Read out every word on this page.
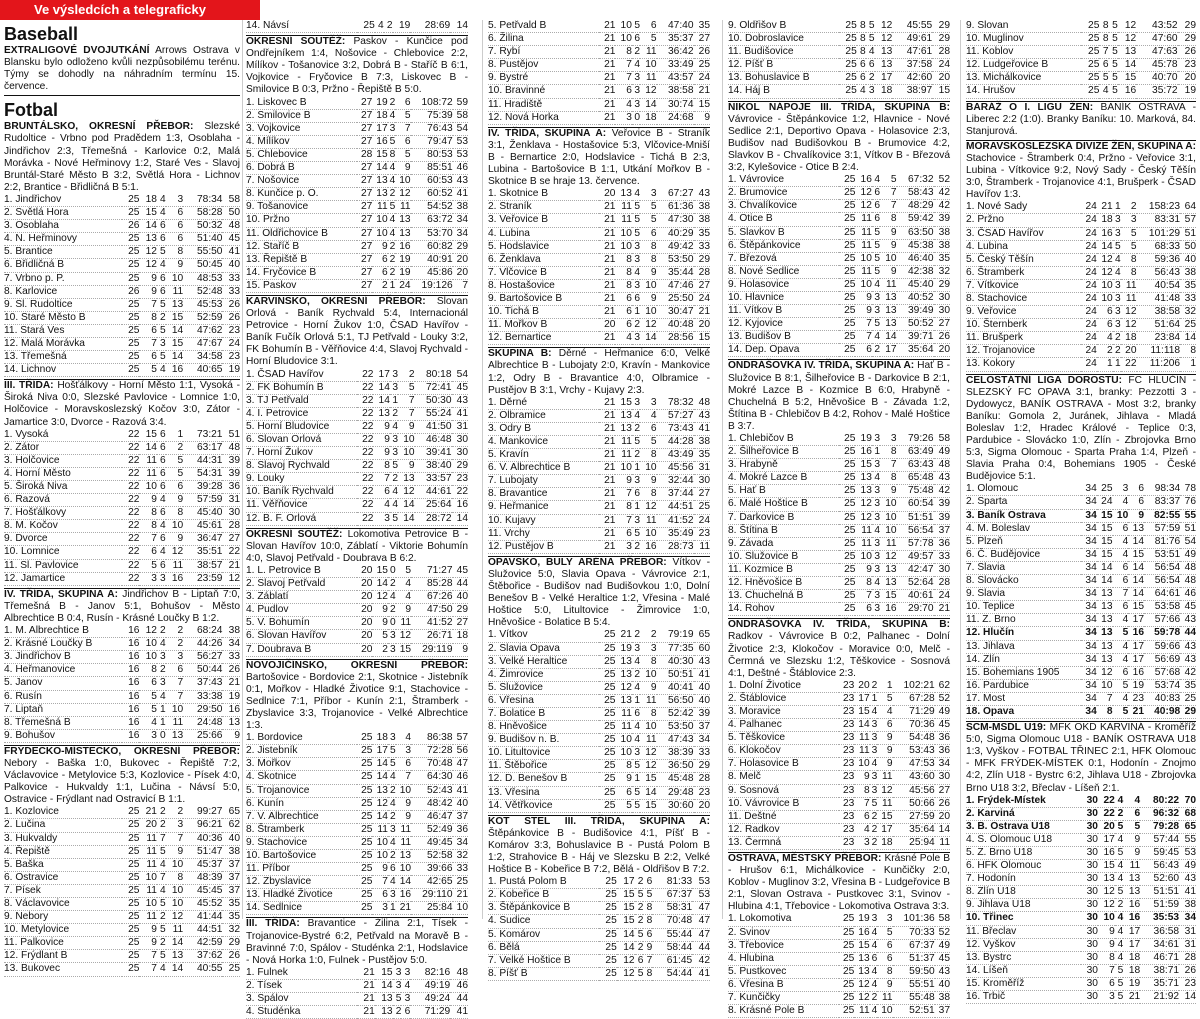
Ve výsledcích a telegraficky
Baseball

EXTRALIGOVÉ DVOJUTKÁNÍ Arrows Ostrava v Blansku bylo odloženo kvůli nezpůsobilému terénu. Týmy se dohodly na náhradním termínu 15. července.

Fotbal

BRUNTÁLSKO, OKRESNÍ PŘEBOR: Slezské Rudoltice - Vrbno pod Pradědem 1:3, Osoblaha - Jindřichov 2:3, Třemešná - Karlovice 0:2, Malá Morávka - Nové Heřminovy 1:2, Staré Ves - Slavoj Bruntál-Staré Město B 3:2, Světlá Hora - Lichnov 2:2, Brantice - Břidličná B 5:1.

1. Jindřichov	25	18	4	3	78:34	58
2. Světlá Hora	25	15	4	6	58:28	50
3. Osoblaha	26	14	6	6	50:32	48
4. N. Heřminovy	25	13	6	6	51:40	45
5. Brantice	25	12	5	8	55:50	41
6. Břidličná B	25	12	4	9	50:45	40
7. Vrbno p. P.	25	9	6	10	48:53	33
8. Karlovice	26	9	6	11	52:48	33
9. Sl. Rudoltice	25	7	5	13	45:53	26
10. Staré Město B	25	8	2	15	52:59	26
11. Stará Ves	25	6	5	14	47:62	23
12. Malá Morávka	25	7	3	15	47:67	24
13. Třemešná	25	6	5	14	34:58	23
14. Lichnov	25	5	4	16	40:65	19

III. TŘÍDA: Hošťálkovy - Horní Město 1:1, Vysoká - Široká Niva 0:0, Slezské Pavlovice - Lomnice 1:0, Holčovice - Moravskoslezský Kočov 3:0, Zátor - Jamartice 3:0, Dvorce - Razová 3:4.

1. Vysoká	22	15	6	1	73:21	51
2. Zátor	22	14	6	2	63:17	48
3. Holčovice	22	11	6	5	44:31	39
4. Horní Město	22	11	6	5	54:31	39
5. Široká Niva	22	10	6	6	39:28	36
6. Razová	22	9	4	9	57:59	31
7. Hošťálkovy	22	8	6	8	45:40	30
8. M. Kočov	22	8	4	10	45:61	28
9. Dvorce	22	7	6	9	36:47	27
10. Lomnice	22	6	4	12	35:51	22
11. Sl. Pavlovice	22	5	6	11	38:57	21
12. Jamartice	22	3	3	16	23:59	12

IV. TŘÍDA, SKUPINA A: Jindřichov B - Liptaň 7:0, Třemešná B - Janov 5:1, Bohušov - Město Albrechtice B 0:4, Rusín - Krásné Loučky B 1:2.

1. M. Albrechtice B	16	12	2	2	68:24	38
2. Krásné Loučky B	16	10	4	2	44:26	34
3. Jindřichov B	16	10	3	3	56:27	33
4. Heřmanovice	16	8	2	6	50:44	26
5. Janov	16	6	3	7	37:43	21
6. Rusín	16	5	4	7	33:38	19
7. Liptaň	16	5	1	10	29:50	16
8. Třemešná B	16	4	1	11	24:48	13
9. Bohušov	16	3	0	13	25:66	9

FRÝDECKO-MÍSTECKO, OKRESNÍ PŘEBOR: Nebory - Baška 1:0, Bukovec - Řepiště 7:2, Václavovice - Metylovice 5:3, Kozlovice - Písek 4:0, Palkovice - Hukvaldy 1:1, Lučina - Návsí 5:0, Ostravice - Frýdlant nad Ostravicí B 1:1.

1. Kozlovice	25	21	2	2	99:27	65
2. Lučina	25	20	2	3	96:21	62
3. Hukvaldy	25	11	7	7	40:36	40
4. Řepiště	25	11	5	9	51:47	38
5. Baška	25	11	4	10	45:37	37
6. Ostravice	25	10	7	8	48:39	37
7. Písek	25	11	4	10	45:45	37
8. Václavovice	25	10	5	10	45:52	35
9. Nebory	25	11	2	12	41:44	35
10. Metylovice	25	9	5	11	44:51	32
11. Palkovice	25	9	2	14	42:59	29
12. Frýdlant B	25	7	5	13	37:62	26
13. Bukovec	25	7	4	14	40:55	25
14. Návsí	25	4	2	19	28:69	14

OKRESNÍ SOUTĚŽ: Paskov - Kunčice pod Ondřejníkem 1:4, Nošovice - Chlebovice 2:2, Mílíkov - Tošanovice 3:2, Dobrá B - Staříč B 6:1, Vojkovice - Fryčovice B 7:3, Liskovec B - Smilovice B 0:3, Pržno - Řepiště B 5:0.

1. Liskovec B	27	19	2	6	108:72	59
2. Smilovice B	27	18	4	5	75:39	58
3. Vojkovice	27	17	3	7	76:43	54
4. Mílíkov	27	16	5	6	79:47	53
5. Chlebovice	28	15	8	5	80:53	53
6. Dobrá B	27	14	4	9	85:51	46
7. Nošovice	27	13	4	10	60:53	43
8. Kunčice p. O.	27	13	2	12	60:52	41
9. Tošanovice	27	11	5	11	54:52	38
10. Pržno	27	10	4	13	63:72	34
11. Oldřichovice B	27	10	4	13	53:70	34
12. Staříč B	27	9	2	16	60:82	29
13. Řepiště B	27	6	2	19	40:91	20
14. Fryčovice B	27	6	2	19	45:86	20
15. Paskov	27	2	1	24	19:126	7

KARVINSKO, OKRESNÍ PŘEBOR: Slovan Orlová - Baník Rychvald 5:4, Internacionál Petrovice - Horní Žukov 1:0, ČSAD Havířov - Baník Fučík Orlová 5:1, TJ Petřvald - Louky 3:2, FK Bohumín B - Věřňovice 4:4, Slavoj Rychvald - Horní Bludovice 3:1.

1. ČSAD Havířov	22	17	3	2	80:18	54
2. FK Bohumín B	22	14	3	5	72:41	45
3. TJ Petřvald	22	14	1	7	50:30	43
4. I. Petrovice	22	13	2	7	55:24	41
5. Horní Bludovice	22	9	4	9	41:50	31
6. Slovan Orlová	22	9	3	10	46:48	30
7. Horní Žukov	22	9	3	10	39:41	30
8. Slavoj Rychvald	22	8	5	9	38:40	29
9. Louky	22	7	2	13	33:57	23
10. Baník Rychvald	22	6	4	12	44:61	22
11. Věřňovice	22	4	4	14	25:64	16
12. B. F. Orlová	22	3	5	14	28:72	14

OKRESNÍ SOUTĚŽ: Lokomotiva Petrovice B - Slovan Havířov 10:0, Záblatí - Viktorie Bohumín 4:0, Slavoj Petřvald - Doubrava B 6:2.

1. L. Petrovice B	20	15	0	5	71:27	45
2. Slavoj Petřvald	20	14	2	4	85:28	44
3. Záblatí	20	12	4	4	67:26	40
4. Pudlov	20	9	2	9	47:50	29
5. V. Bohumín	20	9	0	11	41:52	27
6. Slovan Havířov	20	5	3	12	26:71	18
7. Doubrava B	20	2	3	15	29:119	9

NOVOJIČÍNSKO, OKRESNÍ PŘEBOR: Bartošovice - Bordovice 2:1, Skotnice - Jistebník 0:1, Mořkov - Hladké Životice 9:1, Stachovice - Sedlnice 7:1, Příbor - Kunín 2:1, Štramberk - Zbyslavice 3:3, Trojanovice - Velké Albrechtice 1:3.

1. Bordovice	25	18	3	4	86:38	57
2. Jistebník	25	17	5	3	72:28	56
3. Mořkov	25	14	5	6	70:48	47
4. Skotnice	25	14	4	7	64:30	46
5. Trojanovice	25	13	2	10	52:43	41
6. Kunín	25	12	4	9	48:42	40
7. V. Albrechtice	25	14	2	9	46:47	37
8. Štramberk	25	11	3	11	52:49	36
9. Stachovice	25	10	4	11	49:45	34
10. Bartošovice	25	10	2	13	52:58	32
11. Příbor	25	9	6	10	39:66	33
12. Zbyslavice	25	7	4	14	42:65	25
13. Hladké Životice	25	6	3	16	29:110	21
14. Sedlnice	25	3	1	21	25:84	10

III. TŘÍDA: Bravantice - Žilina 2:1, Tísek - Trojanovice-Bystré 6:2, Petřvald na Moravě B - Bravinné 7:0, Spálov - Studénka 2:1, Hodslavice - Nová Horka 1:0, Fulnek - Pustějov 5:0.

1. Fulnek	21	15	3	3	82:16	48
2. Tísek	21	14	3	4	49:19	46
3. Spálov	21	13	5	3	49:24	44
4. Studénka	21	13	2	6	71:29	41
5. Petřvald B	21	10	5	6	47:40	35
6. Žilina	21	10	6	5	35:37	27
7. Rybí	21	8	2	11	36:42	26
8. Pustějov	21	7	4	10	33:49	25
9. Bystré	21	7	3	11	43:57	24
10. Bravinné	21	6	3	12	38:58	21
11. Hradiště	21	4	3	14	30:74	15
12. Nová Horka	21	3	0	18	24:68	9

IV. TŘÍDA, SKUPINA A: Veřovice B - Straník 3:1, Ženklava - Hostašovice 5:3, Vlčovice-Mniší B - Bernartice 2:0, Hodslavice - Tichá B 2:3, Lubina - Bartošovice B 1:1, Utkání Mořkov B - Skotnice B se hraje 13. července.

1. Skotnice B	20	13	4	3	67:27	43
2. Straník	21	11	5	5	61:36	38
3. Veřovice B	21	11	5	5	47:30	38
4. Lubina	21	10	5	6	40:29	35
5. Hodslavice	21	10	3	8	49:42	33
6. Ženklava	21	8	3	8	53:50	29
7. Vlčovice B	21	8	4	9	35:44	28
8. Hostašovice	21	8	3	10	47:46	27
9. Bartošovice B	21	6	6	9	25:50	24
10. Tichá B	21	6	1	10	30:47	21
11. Mořkov B	20	6	2	12	40:48	20
12. Bernartice	21	4	3	14	28:56	15

SKUPINA B: Děrné - Heřmanice 6:0, Velké Albrechtice B - Lubojaty 2:0, Kravín - Mankovice 1:2, Odry B - Bravantice 4:0, Olbramice - Pustějov B 3:1, Vrchy - Kujavy 2:3.

1. Děrné	21	15	3	3	78:32	48
2. Olbramice	21	13	4	4	57:27	43
3. Odry B	21	13	2	6	73:43	41
4. Mankovice	21	11	5	5	44:28	38
5. Kravín	21	11	2	8	43:49	35
6. V. Albrechtice B	21	10	1	10	45:56	31
7. Lubojaty	21	9	3	9	32:44	30
8. Bravantice	21	7	6	8	37:44	27
9. Heřmanice	21	8	1	12	44:51	25
10. Kujavy	21	7	3	11	41:52	24
11. Vrchy	21	6	5	10	35:49	23
12. Pustějov B	21	3	2	16	28:73	11

OPAVSKO, BULY ARÉNA PŘEBOR: Vítkov - Služovice 5:0, Slavia Opava - Vávrovice 2:1, Štěbořice - Budišov nad Budišovkou 1:0, Dolní Benešov B - Velké Heraltice 1:2, Vřesina - Malé Hoštice 5:0, Litultovice - Žimrovice 1:0, Hněvošice - Bolatice B 5:4.

1. Vítkov	25	21	2	2	79:19	65
2. Slavia Opava	25	19	3	3	77:35	60
3. Velké Heraltice	25	13	4	8	40:30	43
4. Žimrovice	25	13	2	10	50:51	41
5. Služovice	25	12	4	9	40:41	40
6. Vřesina	25	13	1	11	56:50	40
7. Bolatice B	25	11	6	8	52:42	39
8. Hněvošice	25	11	4	10	53:50	37
9. Budišov n. B.	25	10	4	11	47:43	34
10. Litultovice	25	10	3	12	38:39	33
11. Štěbořice	25	8	5	12	36:50	29
12. D. Benešov B	25	9	1	15	45:48	28
13. Vřesina	25	6	5	14	29:48	23
14. Větřkovice	25	5	5	15	30:60	20

KOT STEL III. TŘÍDA, SKUPINA A: Štěpánkovice B - Budišovice 4:1, Píšť B - Komárov 3:3, Bohuslavice B - Pustá Polom B 1:2, Strahovice B - Háj ve Slezsku B 2:2, Velké Hoštice B - Kobeřice B 7:2, Bělá - Oldřišov B 7:2.

1. Pustá Polom B	25	17	2	6	81:33	53
2. Kobeřice B	25	15	5	5	67:37	53
3. Štěpánkovice B	25	15	2	8	58:31	47
4. Sudice	25	15	2	8	70:48	47
5. Komárov	25	14	5	6	55:44	47
6. Bělá	25	14	2	9	58:44	44
7. Velké Hoštice B	25	12	6	7	61:45	42
8. Píšť B	25	12	5	8	54:44	41
9. Oldřišov B	25	8	5	12	45:55	29
10. Dobroslavice	25	8	5	12	49:61	29
11. Budišovice	25	8	4	13	47:61	28
12. Píšť B	25	6	6	13	37:58	24
13. Bohuslavice B	25	6	2	17	42:60	20
14. Háj B	25	4	3	18	38:97	15

NIKOL NÁPOJE III. TŘÍDA, SKUPINA B: Vávrovice - Štěpánkovice 1:2, Hlavnice - Nové Sedlice 2:1, Deportivo Opava - Holasovice 2:3, Budišov nad Budišovkou B - Brumovice 4:2, Slavkov B - Chvalíkovice 3:1, Vítkov B - Březová 3:2, Kylešovice - Otice B 2:4.

1. Vávrovice	25	16	4	5	67:32	52
2. Brumovice	25	12	6	7	58:43	42
3. Chvalíkovice	25	12	6	7	48:29	42
4. Otice B	25	11	6	8	59:42	39
5. Slavkov B	25	11	5	9	63:50	38
6. Štěpánkovice	25	11	5	9	45:38	38
7. Březová	25	10	5	10	46:40	35
8. Nové Sedlice	25	11	5	9	42:38	32
9. Holasovice	25	10	4	11	45:40	29
10. Hlavnice	25	9	3	13	40:52	30
11. Vítkov B	25	9	3	13	39:49	30
12. Kyjovice	25	7	5	13	50:52	27
13. Budišov B	25	7	4	14	39:71	26
14. Dep. Opava	25	6	2	17	35:64	20

ONDRÁŠOVKA IV. TŘÍDA, SKUPINA A: Hať B - Služovice B 8:1, Šilheřovice B - Darkovice B 2:1, Mokré Lazce B - Kozmice B 6:0, Hrabyně - Chuchelná B 5:2, Hněvošice B - Závada 1:2, Štítina B - Chlebičov B 4:2, Rohov - Malé Hoštice B 3:7.

1. Chlebičov B	25	19	3	3	79:26	58
2. Šilheřovice B	25	16	1	8	63:49	49
3. Hrabyně	25	15	3	7	63:43	48
4. Mokré Lazce B	25	13	4	8	65:48	43
5. Hať B	25	13	3	9	75:48	42
6. Malé Hoštice B	25	12	3	10	60:54	39
7. Darkovice B	25	12	3	10	51:51	39
8. Štítina B	25	11	4	10	56:54	37
9. Závada	25	11	3	11	57:78	36
10. Služovice B	25	10	3	12	49:57	33
11. Kozmice B	25	9	3	13	42:47	30
12. Hněvošice B	25	8	4	13	52:64	28
13. Chuchelná B	25	7	3	15	40:61	24
14. Rohov	25	6	3	16	29:70	21

ONDRÁŠOVKA IV. TŘÍDA, SKUPINA B: Radkov - Vávrovice B 0:2, Palhanec - Dolní Životice 2:3, Klokočov - Moravice 0:0, Melč - Čermná ve Slezsku 1:2, Těškovice - Sosnová 4:1, Deštné - Štáblovice 2:3.

1. Dolní Životice	23	20	2	1	102:21	62
2. Štáblovice	23	17	1	5	67:28	52
3. Moravice	23	15	4	4	71:29	49
4. Palhanec	23	14	3	6	70:36	45
5. Těškovice	23	11	3	9	54:48	36
6. Klokočov	23	11	3	9	53:43	36
7. Holasovice B	23	10	4	9	47:53	34
8. Melč	23	9	3	11	43:60	30
9. Sosnová	23	8	3	12	45:56	27
10. Vávrovice B	23	7	5	11	50:66	26
11. Deštné	23	6	2	15	27:59	20
12. Radkov	23	4	2	17	35:64	14
13. Čermná	23	3	2	18	25:94	11

OSTRAVA, MĚSTSKÝ PŘEBOR: Krásné Pole B - Hrušov 6:1, Michálkovice - Kunčičky 2:0, Koblov - Muglinov 3:2, Vřesina B - Ludgeřovice B 2:1, Slovan Ostrava - Pustkovec 3:1, Svinov - Hlubina 4:1, Třebovice - Lokomotiva Ostrava 3:3.

1. Lokomotiva	25	19	3	3	101:36	58
2. Svinov	25	16	4	5	70:33	52
3. Třebovice	25	15	4	6	67:37	49
4. Hlubina	25	13	6	6	51:37	45
5. Pustkovec	25	13	4	8	59:50	43
6. Vřesina B	25	12	4	9	55:51	40
7. Kunčičky	25	12	2	11	55:48	38
8. Krásné Pole B	25	11	4	10	52:51	37
9. Slovan	25	8	5	12	43:52	29
10. Muglinov	25	8	5	12	47:60	29
11. Koblov	25	7	5	13	47:63	26
12. Ludgeřovice B	25	6	5	14	45:78	23
13. Michálkovice	25	5	5	15	40:70	20
14. Hrušov	25	4	5	16	35:72	19

BARÁŽ O I. LIGU ŽEN: BANÍK OSTRAVA - Liberec 2:2 (1:0). Branky Baníku: 10. Marková, 84. Stanjurová.

MORAVSKOSLEZSKÁ DIVIZE ŽEN, SKUPINA A: Stachovice - Štramberk 0:4, Pržno - Veřovice 3:1, Lubina - Vítkovice 9:2, Nový Sady - Český Těšín 3:0, Štramberk - Trojanovice 4:1, Brušperk - ČSAD Havířov 1:3.

1. Nové Sady	24	21	1	2	158:23	64
2. Pržno	24	18	3	3	83:31	57
3. ČSAD Havířov	24	16	3	5	101:29	51
4. Lubina	24	14	5	5	68:33	50
5. Český Těšín	24	12	4	8	59:36	40
6. Štramberk	24	12	4	8	56:43	38
7. Vítkovice	24	10	3	11	40:54	35
8. Stachovice	24	10	3	11	41:48	33
9. Veřovice	24	6	3	12	38:58	32
10. Šternberk	24	6	3	12	51:64	25
11. Brušperk	24	4	2	18	23:84	14
12. Trojanovice	24	2	2	20	11:118	8
13. Kokory	24	1	1	22	11:206	1

CELOSTÁTNÍ LIGA DOROSTU: FC HLUČÍN - SLEZSKÝ FC OPAVA 3:1, branky: Pezzotti 3 - Dydowycz, BANÍK OSTRAVA - Most 3:2, branky Baníku: Gomola 2, Juránek, Jihlava - Mladá Boleslav 1:2, Hradec Králové - Teplice 0:3, Pardubice - Slovácko 1:0, Zlín - Zbrojovka Brno 5:3, Sigma Olomouc - Sparta Praha 1:4, Plzeň - Slavia Praha 0:4, Bohemians 1905 - České Budějovice 5:1.

1. Olomouc	34	25	3	6	98:34	78
2. Sparta	34	24	4	6	83:37	76
3. Baník Ostrava	34	15	10	9	82:55	55
4. M. Boleslav	34	15	6	13	57:59	51
5. Plzeň	34	15	4	14	81:76	54
6. Č. Budějovice	34	15	4	15	53:51	49
7. Slavia	34	14	6	14	56:54	48
8. Slovácko	34	14	6	14	56:54	48
9. Slavia	34	13	7	14	64:61	46
10. Teplice	34	13	6	15	53:58	45
11. Z. Brno	34	13	4	17	57:66	43
12. Hlučín	34	13	5	16	59:78	44
13. Jihlava	34	13	4	17	59:66	43
14. Zlín	34	13	4	17	56:69	43
15. Bohemians 1905	34	12	6	16	57:68	42
16. Pardubice	34	10	5	19	53:74	35
17. Most	34	7	4	23	40:83	25
18. Opava	34	8	5	21	40:98	29

SCM-MSDL U19: MFK OKD KARVINÁ - Kroměříž 5:0, Sigma Olomouc U18 - BANÍK OSTRAVA U18 1:3, Vyškov - FOTBAL TŘINEC 2:1, HFK Olomouc - MFK FRÝDEK-MÍSTEK 0:1, Hodonín - Znojmo 4:2, Zlín U18 - Bystrc 6:2, Jihlava U18 - Zbrojovka Brno U18 3:2, Břeclav - Líšeň 2:1.

1. Frýdek-Místek	30	22	4	4	80:22	70
2. Karviná	30	22	2	6	96:32	68
3. B. Ostrava U18	30	20	5	5	79:28	65
4. S. Olomouc U18	30	17	4	9	57:44	55
5. Z. Brno U18	30	16	5	9	59:45	53
6. HFK Olomouc	30	15	4	11	56:43	49
7. Hodonín	30	13	4	13	52:60	43
8. Zlín U18	30	12	5	13	51:51	41
9. Jihlava U18	30	12	2	16	51:59	38
10. Třinec	30	10	4	16	35:53	34
11. Břeclav	30	9	4	17	36:58	31
12. Vyškov	30	9	4	17	34:61	31
13. Bystrc	30	8	4	18	46:71	28
14. Líšeň	30	7	5	18	38:71	26
15. Kroměříž	30	6	5	19	35:71	23
16. Trbič	30	3	5	21	21:92	14
